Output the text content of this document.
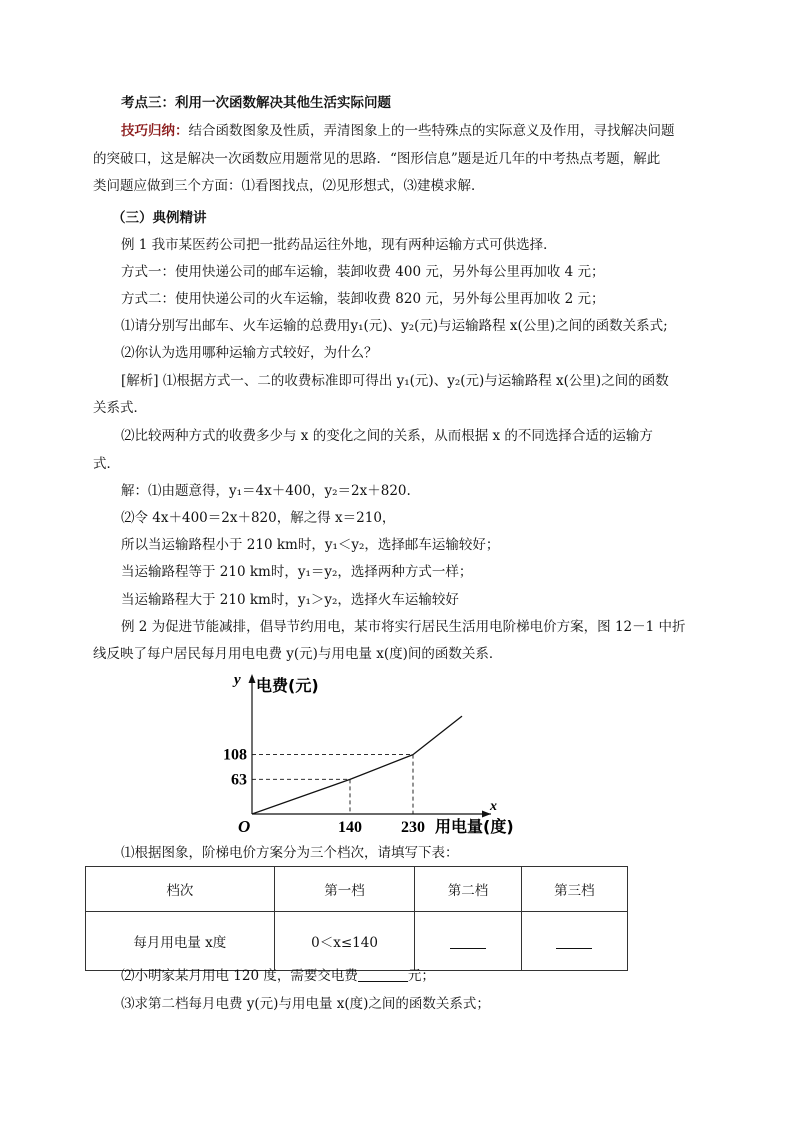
考点三：利用一次函数解决其他生活实际问题
技巧归纳：结合函数图象及性质，弄清图象上的一些特殊点的实际意义及作用，寻找解决问题
的突破口，这是解决一次函数应用题常见的思路．“图形信息”题是近几年的中考热点考题，解此
类问题应做到三个方面：⑴看图找点，⑵见形想式，⑶建模求解．
（三）典例精讲
例 1 我市某医药公司把一批药品运往外地，现有两种运输方式可供选择．
方式一：使用快递公司的邮车运输，装卸收费 400 元，另外每公里再加收 4 元；
方式二：使用快递公司的火车运输，装卸收费 820 元，另外每公里再加收 2 元；
⑴请分别写出邮车、火车运输的总费用y₁(元)、y₂(元)与运输路程 x(公里)之间的函数关系式;
⑵你认为选用哪种运输方式较好，为什么？
[解析] ⑴根据方式一、二的收费标准即可得出 y₁(元)、y₂(元)与运输路程 x(公里)之间的函数
关系式．
⑵比较两种方式的收费多少与 x 的变化之间的关系，从而根据 x 的不同选择合适的运输方
式．
解：⑴由题意得，y₁＝4x＋400，y₂＝2x＋820.
⑵令 4x＋400＝2x＋820，解之得 x＝210，
所以当运输路程小于 210 km时，y₁＜y₂，选择邮车运输较好；
当运输路程等于 210 km时，y₁＝y₂，选择两种方式一样；
当运输路程大于 210 km时，y₁＞y₂，选择火车运输较好
例 2 为促进节能减排，倡导节约用电，某市将实行居民生活用电阶梯电价方案，图 12－1 中折
线反映了每户居民每月用电电费 y(元)与用电量 x(度)间的函数关系．
63
108
140 230
O
y 电费(元)
x
用电量(度)
⑴根据图象，阶梯电价方案分为三个档次，请填写下表：
档次	第一档	第二档	第三档
每月用电量 x度	0＜x≤140		
⑵小明家某月用电 120 度，需要交电费	元；
⑶求第二档每月电费 y(元)与用电量 x(度)之间的函数关系式；
